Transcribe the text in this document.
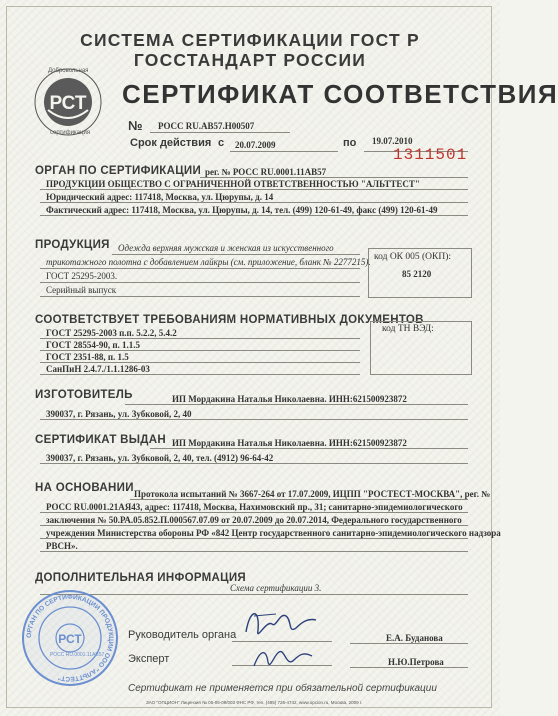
СИСТЕМА СЕРТИФИКАЦИИ ГОСТ Р
ГОССТАНДАРТ РОССИИ
РСТ
Добровольная
сертификация
СЕРТИФИКАТ СООТВЕТСТВИЯ
№ РОСС RU.AB57.H00507
Срок действия с 20.07.2009	по 19.07.2010
1311501
ОРГАН ПО СЕРТИФИКАЦИИ рег. № РОСС RU.0001.11AB57
ПРОДУКЦИИ ОБЩЕСТВО С ОГРАНИЧЕННОЙ ОТВЕТСТВЕННОСТЬЮ "АЛЬТТЕСТ"
Юридический адрес: 117418, Москва, ул. Цюрупы, д. 14
Фактический адрес: 117418, Москва, ул. Цюрупы, д. 14, тел. (499) 120-61-49, факс (499) 120-61-49
ПРОДУКЦИЯ Одежда верхняя мужская и женская из искусственного
трикотажного полотна с добавлением лайкры (см. приложение, бланк № 2277215).
ГОСТ 25295-2003.
Серийный выпуск
код ОК 005 (ОКП):
85 2120
СООТВЕТСТВУЕТ ТРЕБОВАНИЯМ НОРМАТИВНЫХ ДОКУМЕНТОВ
ГОСТ 25295-2003 п.п. 5.2.2, 5.4.2
ГОСТ 28554-90, п. 1.1.5
ГОСТ 2351-88, п. 1.5
СанПиН 2.4.7./1.1.1286-03
код ТН ВЭД:
ИЗГОТОВИТЕЛЬ	ИП Мордакина Наталья Николаевна. ИНН:621500923872
390037, г. Рязань, ул. Зубковой, 2, 40
СЕРТИФИКАТ ВЫДАН ИП Мордакина Наталья Николаевна. ИНН:621500923872
390037, г. Рязань, ул. Зубковой, 2, 40, тел. (4912) 96-64-42
НА ОСНОВАНИИ Протокола испытаний № 3667-264 от 17.07.2009, ИЦПП "РОСТЕСТ-МОСКВА", рег. №
РОСС RU.0001.21АЯ43, адрес: 117418, Москва, Нахимовский пр., 31; санитарно-эпидемиологического
заключения № 50.РА.05.852.П.000567.07.09 от 20.07.2009 до 20.07.2014, Федерального государственного
учреждения Министерства обороны РФ «842 Центр государственного санитарно-эпидемиологического надзора
РВСН».
ДОПОЛНИТЕЛЬНАЯ ИНФОРМАЦИЯ
Схема сертификации 3.
РСТ
ОРГАН ПО СЕРТИФИКАЦИИ ПРОДУКЦИИ ООО "АЛЬТТЕСТ"
РОСС RU.0001.11АВ57
Руководитель органа	Е.А. Буданова
Эксперт	Н.Ю.Петрова
Сертификат не применяется при обязательной сертификации
ЗАО "ОПЦИОН" Лицензия № 05-05-09/003 ФНС РФ, тел. (495) 726-4742, www.opcion.ru, Москва, 2009 г.
